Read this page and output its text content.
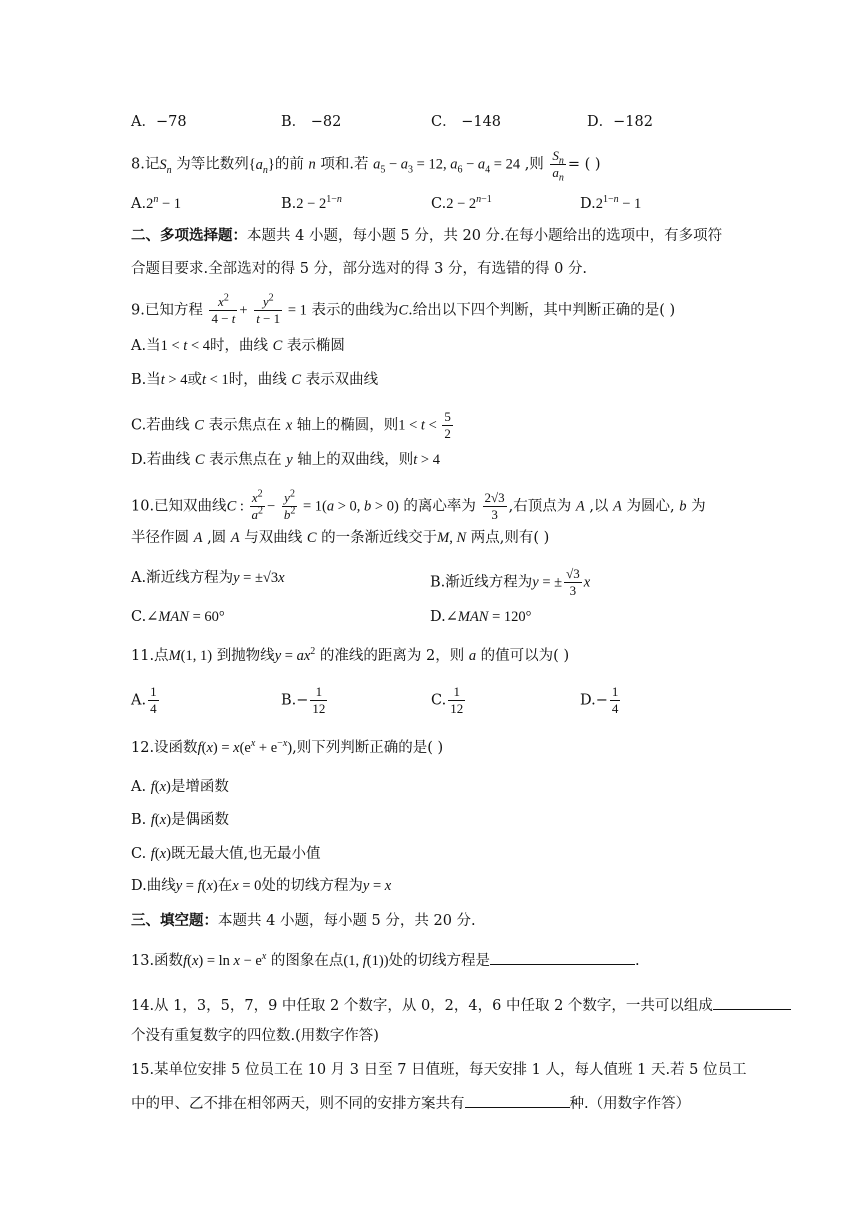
A．−78	B． −82	C． −148	D．−182
8.记$S_n$ 为等比数列$\{a_n\}$的前 n 项和.若 $a_5 - a_3 = 12$, $a_6 - a_4 = 24$ ,则 $\frac{S_n}{a_n}$ = ( )
$A.2^n - 1$	$B.2 - 2^{1-n}$	$C.2 - 2^{n-1}$	$D.2^{1-n} - 1$
二、多项选择题：本题共 4 小题，每小题 5 分，共 20 分.在每小题给出的选项中，有多项符
合题目要求.全部选对的得 5 分，部分选对的得 3 分，有选错的得 0 分.
9.已知方程 $\frac{x^2}{4 - t} + \frac{y^2}{t - 1} = 1$ 表示的曲线为C.给出以下四个判断，其中判断正确的是( )
A.当1 < t < 4时，曲线 C 表示椭圆
B.当t > 4或t < 1时，曲线 C 表示双曲线
C.若曲线 C 表示焦点在 x 轴上的椭圆，则$1 < t < \frac{5}{2}$
D.若曲线 C 表示焦点在 y 轴上的双曲线，则t > 4
10.已知双曲线C : $\frac{x^2}{a^2} - \frac{y^2}{b^2} = 1(a > 0$, b > 0) 的离心率为 $\frac{2√3}{3}$ ,右顶点为 A ,以 A 为圆心, b 为
半径作圆 A ,圆 A 与双曲线 C 的一条渐近线交于M, N 两点,则有( )
A.渐近线方程为y = ±√3x	B.渐近线方程为y = ± $\frac{√3}{3}$ x
C.∠MAN = 60°	D.∠MAN = 120°
11.点M(1, 1) 到抛物线$y = ax^2$ 的准线的距离为 2，则 a 的值可以为( )
A. $\frac{1}{4}$	$B.- \frac{1}{12}$	C. $\frac{1}{12}$	$D.- \frac{1}{4}$
12.设函数$f(x) = x(e^x + e^{-x})$,则下列判断正确的是( )
A. f(x)是增函数
B. f(x)是偶函数
C. f(x)既无最大值,也无最小值
D.曲线y = f(x)在x = 0处的切线方程为y = x
三、填空题：本题共 4 小题，每小题 5 分，共 20 分.
13.函数$f(x) = \ln x - e^x$ 的图象在点(1, f(1))处的切线方程是	.
14.从 1，3，5，7，9 中任取 2 个数字，从 0，2，4，6 中任取 2 个数字，一共可以组成
个没有重复数字的四位数.(用数字作答)
15.某单位安排 5 位员工在 10 月 3 日至 7 日值班，每天安排 1 人，每人值班 1 天.若 5 位员工
中的甲、乙不排在相邻两天，则不同的安排方案共有	种.（用数字作答）
